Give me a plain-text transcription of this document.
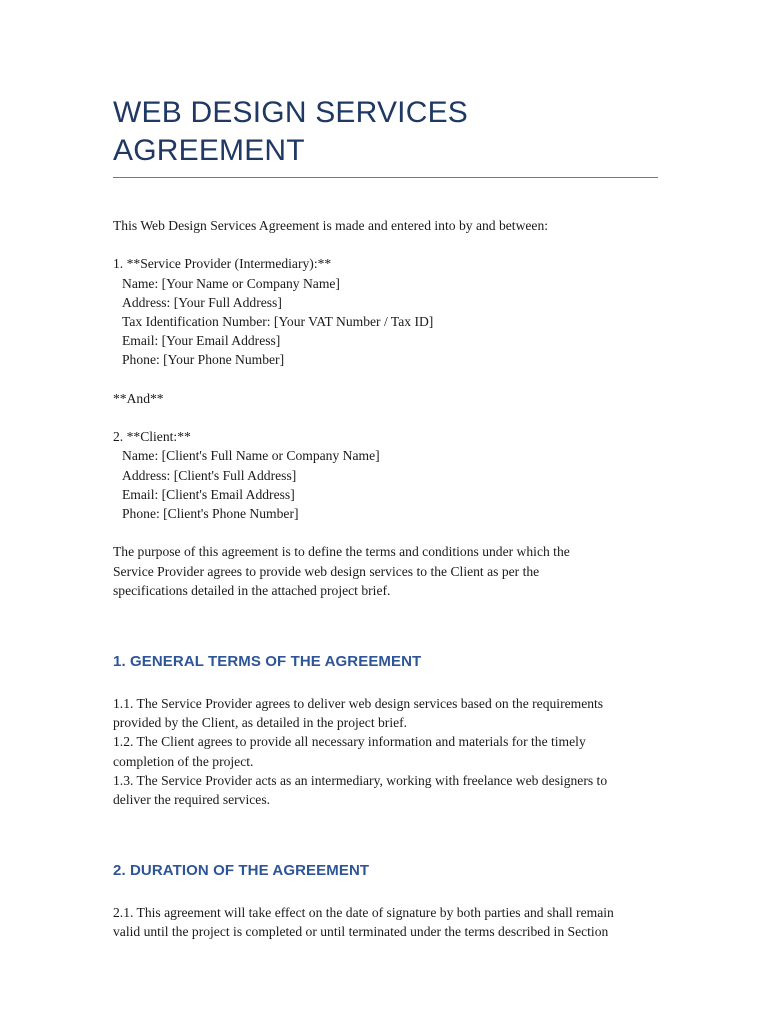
WEB DESIGN SERVICES AGREEMENT
This Web Design Services Agreement is made and entered into by and between:
1. **Service Provider (Intermediary):**
Name: [Your Name or Company Name]
Address: [Your Full Address]
Tax Identification Number: [Your VAT Number / Tax ID]
Email: [Your Email Address]
Phone: [Your Phone Number]
**And**
2. **Client:**
Name: [Client's Full Name or Company Name]
Address: [Client's Full Address]
Email: [Client's Email Address]
Phone: [Client's Phone Number]
The purpose of this agreement is to define the terms and conditions under which the
Service Provider agrees to provide web design services to the Client as per the
specifications detailed in the attached project brief.
1. GENERAL TERMS OF THE AGREEMENT
1.1. The Service Provider agrees to deliver web design services based on the requirements
provided by the Client, as detailed in the project brief.
1.2. The Client agrees to provide all necessary information and materials for the timely
completion of the project.
1.3. The Service Provider acts as an intermediary, working with freelance web designers to
deliver the required services.
2. DURATION OF THE AGREEMENT
2.1. This agreement will take effect on the date of signature by both parties and shall remain
valid until the project is completed or until terminated under the terms described in Section
